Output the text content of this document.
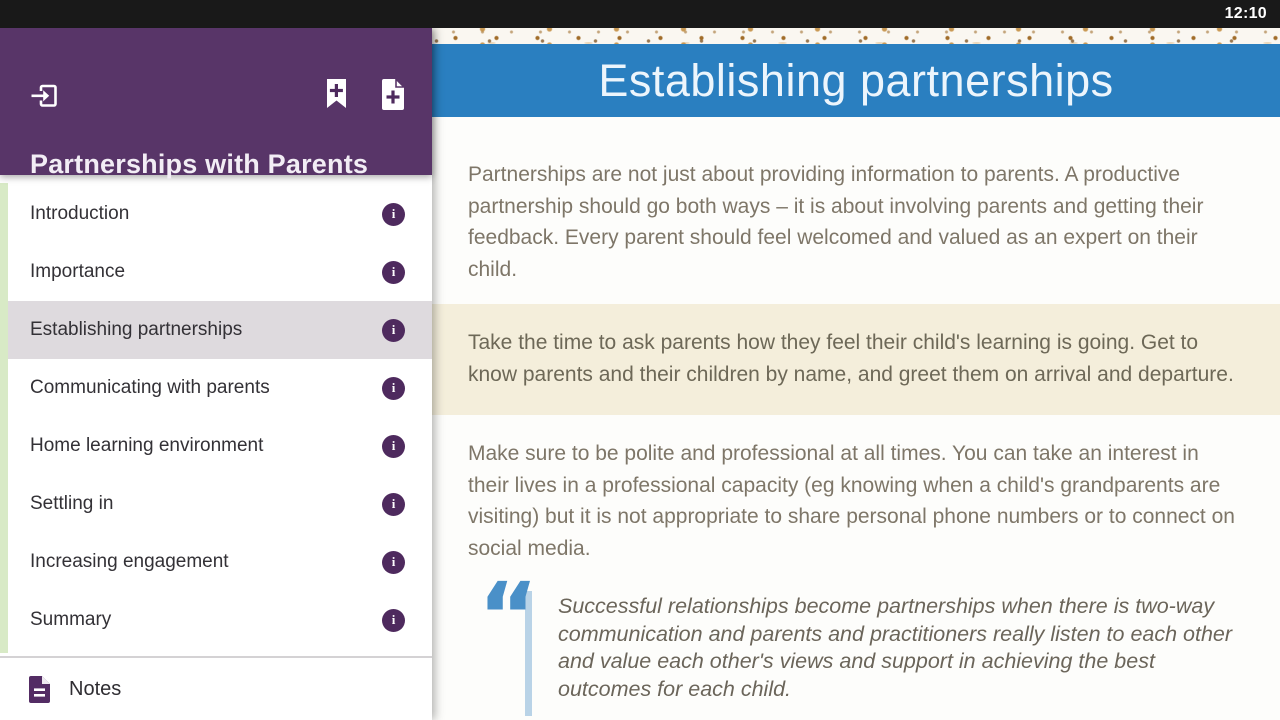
12:10
Partnerships with Parents
Introduction	i
Importance	i
Establishing partnerships	i
Communicating with parents	i
Home learning environment	i
Settling in	i
Increasing engagement	i
Summary	i
Notes
Establishing partnerships

Partnerships are not just about providing information to parents. A productive partnership should go both ways – it is about involving parents and getting their feedback. Every parent should feel welcomed and valued as an expert on their child.

Take the time to ask parents how they feel their child's learning is going. Get to know parents and their children by name, and greet them on arrival and departure.

Make sure to be polite and professional at all times. You can take an interest in their lives in a professional capacity (eg knowing when a child's grandparents are visiting) but it is not appropriate to share personal phone numbers or to connect on social media.

“ Successful relationships become partnerships when there is two-way communication and parents and practitioners really listen to each other and value each other's views and support in achieving the best outcomes for each child.
